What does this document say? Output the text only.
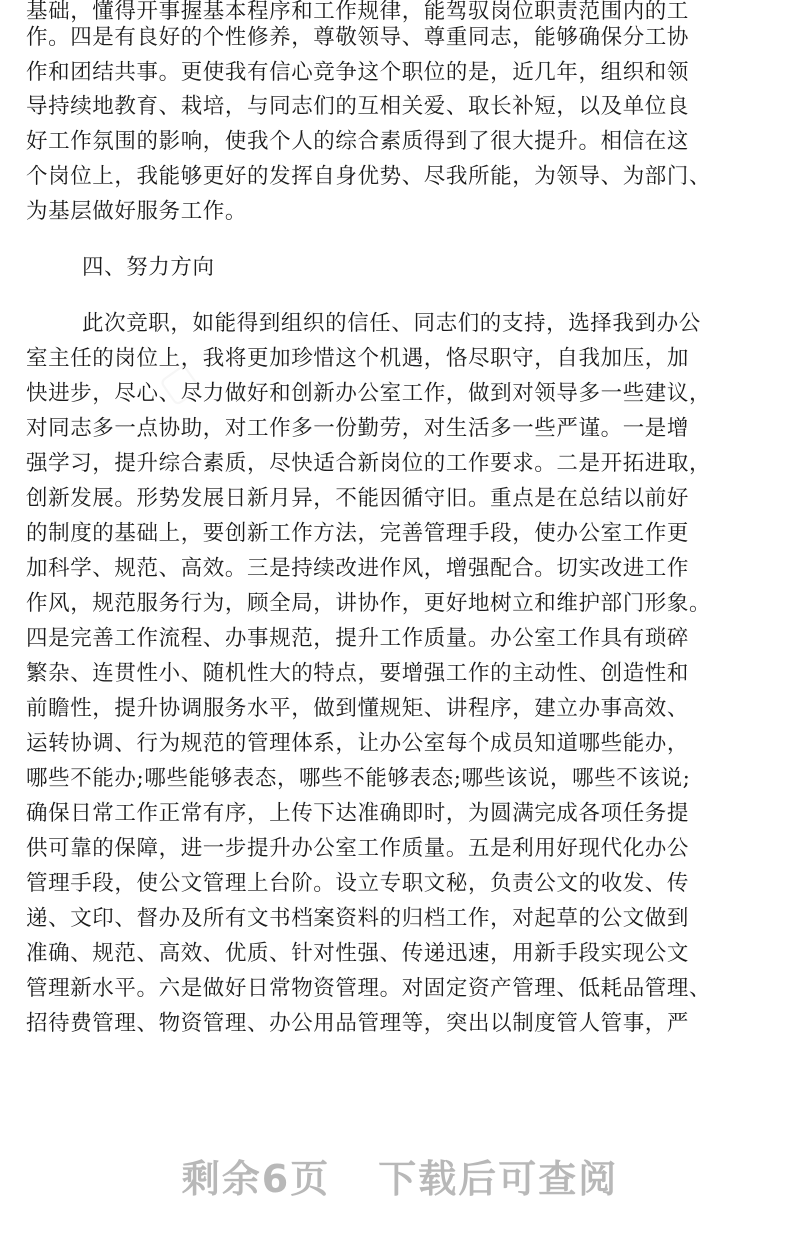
基础，懂得开事握基本程序和工作规律，能驾驭岗位职责范围内的工
作。四是有良好的个性修养，尊敬领导、尊重同志，能够确保分工协
作和团结共事。更使我有信心竞争这个职位的是，近几年，组织和领
导持续地教育、栽培，与同志们的互相关爱、取长补短，以及单位良
好工作氛围的影响，使我个人的综合素质得到了很大提升。相信在这
个岗位上，我能够更好的发挥自身优势、尽我所能，为领导、为部门、
为基层做好服务工作。
四、努力方向
此次竞职，如能得到组织的信任、同志们的支持，选择我到办公
室主任的岗位上，我将更加珍惜这个机遇，恪尽职守，自我加压，加
快进步，尽心、尽力做好和创新办公室工作，做到对领导多一些建议，
对同志多一点协助，对工作多一份勤劳，对生活多一些严谨。一是增
强学习，提升综合素质，尽快适合新岗位的工作要求。二是开拓进取，
创新发展。形势发展日新月异，不能因循守旧。重点是在总结以前好
的制度的基础上，要创新工作方法，完善管理手段，使办公室工作更
加科学、规范、高效。三是持续改进作风，增强配合。切实改进工作
作风，规范服务行为，顾全局，讲协作，更好地树立和维护部门形象。
四是完善工作流程、办事规范，提升工作质量。办公室工作具有琐碎
繁杂、连贯性小、随机性大的特点，要增强工作的主动性、创造性和
前瞻性，提升协调服务水平，做到懂规矩、讲程序，建立办事高效、
运转协调、行为规范的管理体系，让办公室每个成员知道哪些能办，
哪些不能办;哪些能够表态，哪些不能够表态;哪些该说，哪些不该说;
确保日常工作正常有序，上传下达准确即时，为圆满完成各项任务提
供可靠的保障，进一步提升办公室工作质量。五是利用好现代化办公
管理手段，使公文管理上台阶。设立专职文秘，负责公文的收发、传
递、文印、督办及所有文书档案资料的归档工作，对起草的公文做到
准确、规范、高效、优质、针对性强、传递迅速，用新手段实现公文
管理新水平。六是做好日常物资管理。对固定资产管理、低耗品管理、
招待费管理、物资管理、办公用品管理等，突出以制度管人管事，严
剩余6页 下载后可查阅
